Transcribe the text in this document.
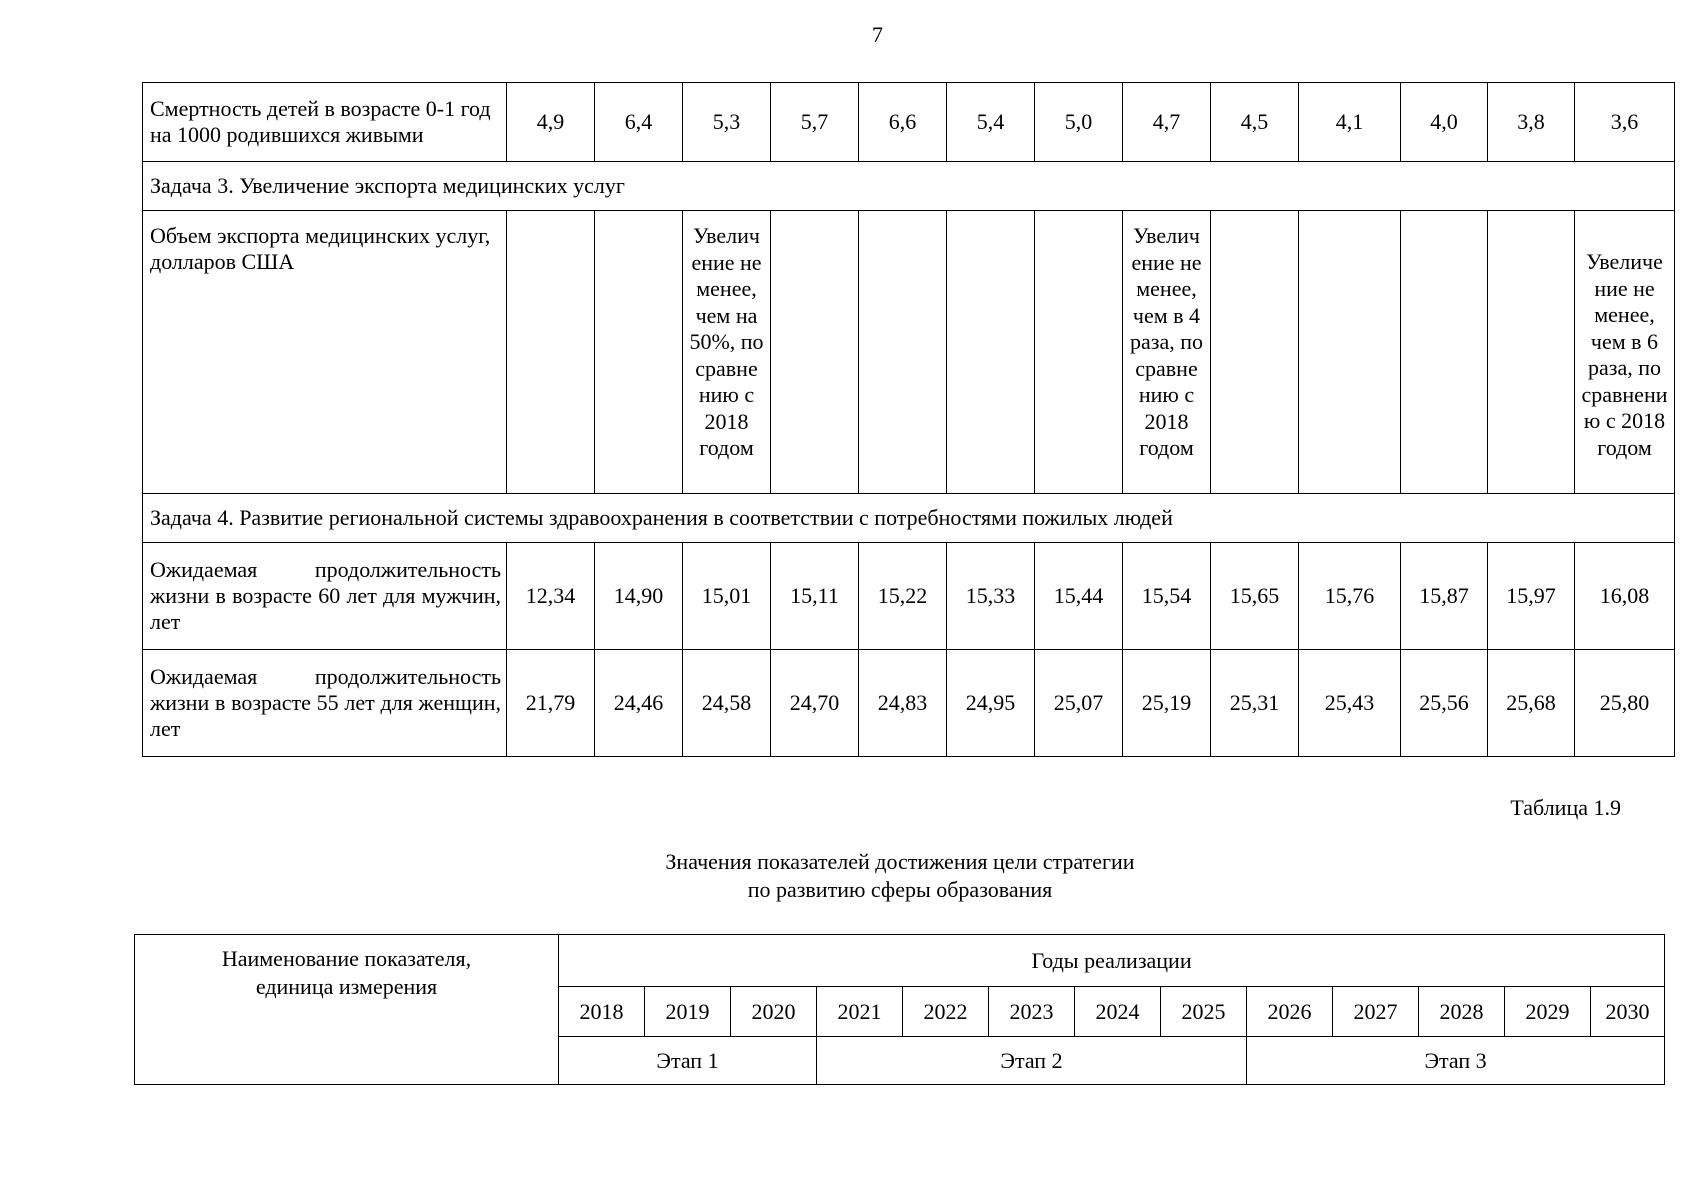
7
Смертность детей в возрасте 0-1 год на 1000 родившихся живыми	4,9	6,4	5,3	5,7	6,6	5,4	5,0	4,7	4,5	4,1	4,0	3,8	3,6
Задача 3. Увеличение экспорта медицинских услуг													
Объем экспорта медицинских услуг, долларов США			Увелич ение не менее, чем на 50%, по сравне нию с 2018 годом					Увелич ение не менее, чем в 4 раза, по сравне нию с 2018 годом					Увеличе ние не менее, чем в 6 раза, по сравнени ю с 2018 годом
Задача 4. Развитие региональной системы здравоохранения в соответствии с потребностями пожилых людей													
Ожидаемая продолжительность жизни в возрасте 60 лет для мужчин, лет	12,34	14,90	15,01	15,11	15,22	15,33	15,44	15,54	15,65	15,76	15,87	15,97	16,08
Ожидаемая продолжительность жизни в возрасте 55 лет для женщин, лет	21,79	24,46	24,58	24,70	24,83	24,95	25,07	25,19	25,31	25,43	25,56	25,68	25,80
Таблица 1.9
Значения показателей достижения цели стратегии
по развитию сферы образования
Наименование показателя,
единица измерения	Годы реализации												
	2018	2019	2020	2021	2022	2023	2024	2025	2026	2027	2028	2029	2030
	Этап 1			Этап 2					Этап 3				
